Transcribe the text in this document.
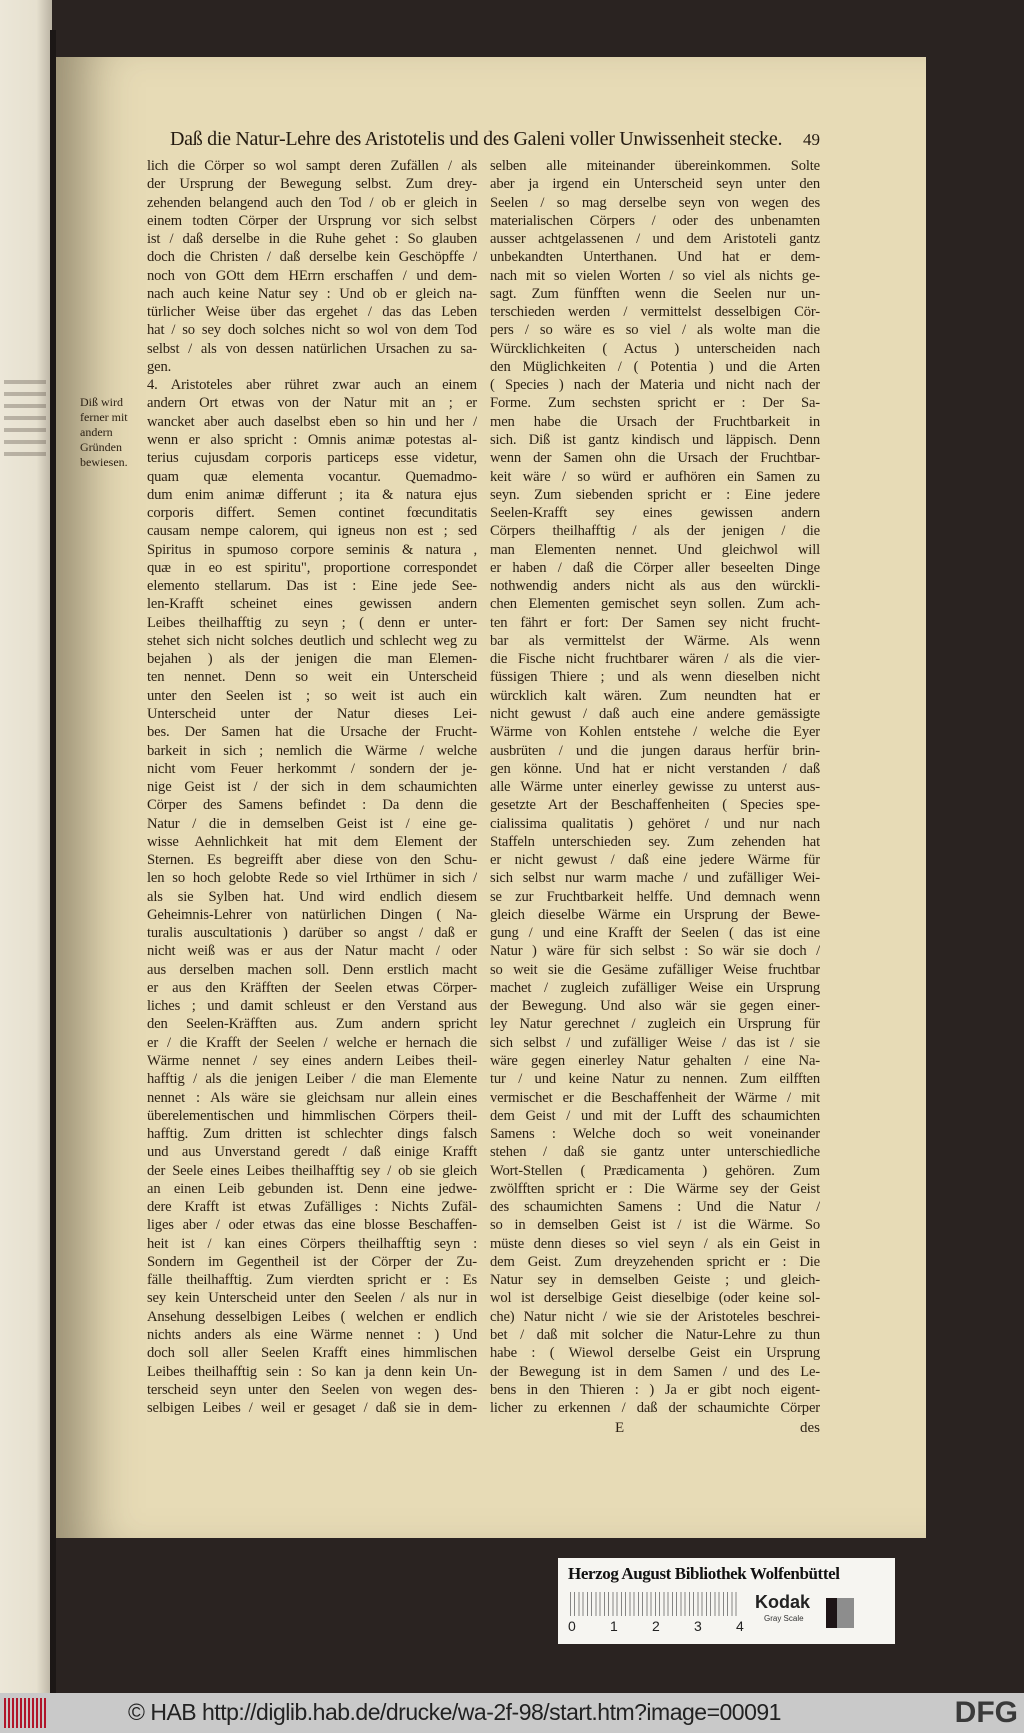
Daß die Natur-Lehre des Aristotelis und des Galeni voller Unwissenheit stecke. 49
Diß wird
ferner mit
andern
Gründen
bewiesen.
lich die Cörper so wol sampt deren Zufällen / als
der Ursprung der Bewegung selbst. Zum drey-
zehenden belangend auch den Tod / ob er gleich in
einem todten Cörper der Ursprung vor sich selbst
ist / daß derselbe in die Ruhe gehet : So glauben
doch die Christen / daß derselbe kein Geschöpffe /
noch von GOtt dem HErrn erschaffen / und dem-
nach auch keine Natur sey : Und ob er gleich na-
türlicher Weise über das ergehet / das das Leben
hat / so sey doch solches nicht so wol von dem Tod
selbst / als von dessen natürlichen Ursachen zu sa-
gen.
4. Aristoteles aber rühret zwar auch an einem
andern Ort etwas von der Natur mit an ; er
wancket aber auch daselbst eben so hin und her /
wenn er also spricht : Omnis animæ potestas al-
terius cujusdam corporis particeps esse videtur,
quam quæ elementa vocantur. Quemadmo-
dum enim animæ differunt ; ita & natura ejus
corporis differt. Semen continet fœcunditatis
causam nempe calorem, qui igneus non est ; sed
Spiritus in spumoso corpore seminis & natura ,
quæ in eo est spiritu", proportione correspondet
elemento stellarum. Das ist : Eine jede See-
len-Krafft scheinet eines gewissen andern
Leibes theilhafftig zu seyn ; ( denn er unter-
stehet sich nicht solches deutlich und schlecht weg zu
bejahen ) als der jenigen die man Elemen-
ten nennet. Denn so weit ein Unterscheid
unter den Seelen ist ; so weit ist auch ein
Unterscheid unter der Natur dieses Lei-
bes. Der Samen hat die Ursache der Frucht-
barkeit in sich ; nemlich die Wärme / welche
nicht vom Feuer herkommt / sondern der je-
nige Geist ist / der sich in dem schaumichten
Cörper des Samens befindet : Da denn die
Natur / die in demselben Geist ist / eine ge-
wisse Aehnlichkeit hat mit dem Element der
Sternen. Es begreifft aber diese von den Schu-
len so hoch gelobte Rede so viel Irthümer in sich /
als sie Sylben hat. Und wird endlich diesem
Geheimnis-Lehrer von natürlichen Dingen ( Na-
turalis auscultationis ) darüber so angst / daß er
nicht weiß was er aus der Natur macht / oder
aus derselben machen soll. Denn erstlich macht
er aus den Kräfften der Seelen etwas Cörper-
liches ; und damit schleust er den Verstand aus
den Seelen-Kräfften aus. Zum andern spricht
er / die Krafft der Seelen / welche er hernach die
Wärme nennet / sey eines andern Leibes theil-
hafftig / als die jenigen Leiber / die man Elemente
nennet : Als wäre sie gleichsam nur allein eines
überelementischen und himmlischen Cörpers theil-
hafftig. Zum dritten ist schlechter dings falsch
und aus Unverstand geredt / daß einige Krafft
der Seele eines Leibes theilhafftig sey / ob sie gleich
an einen Leib gebunden ist. Denn eine jedwe-
dere Krafft ist etwas Zufälliges : Nichts Zufäl-
liges aber / oder etwas das eine blosse Beschaffen-
heit ist / kan eines Cörpers theilhafftig seyn :
Sondern im Gegentheil ist der Cörper der Zu-
fälle theilhafftig. Zum vierdten spricht er : Es
sey kein Unterscheid unter den Seelen / als nur in
Ansehung desselbigen Leibes ( welchen er endlich
nichts anders als eine Wärme nennet : ) Und
doch soll aller Seelen Krafft eines himmlischen
Leibes theilhafftig sein : So kan ja denn kein Un-
terscheid seyn unter den Seelen von wegen des-
selbigen Leibes / weil er gesaget / daß sie in dem-
selben alle miteinander übereinkommen. Solte
aber ja irgend ein Unterscheid seyn unter den
Seelen / so mag derselbe seyn von wegen des
materialischen Cörpers / oder des unbenamten
ausser achtgelassenen / und dem Aristoteli gantz
unbekandten Unterthanen. Und hat er dem-
nach mit so vielen Worten / so viel als nichts ge-
sagt. Zum fünfften wenn die Seelen nur un-
terschieden werden / vermittelst desselbigen Cör-
pers / so wäre es so viel / als wolte man die
Würcklichkeiten ( Actus ) unterscheiden nach
den Müglichkeiten / ( Potentia ) und die Arten
( Species ) nach der Materia und nicht nach der
Forme. Zum sechsten spricht er : Der Sa-
men habe die Ursach der Fruchtbarkeit in
sich. Diß ist gantz kindisch und läppisch. Denn
wenn der Samen ohn die Ursach der Fruchtbar-
keit wäre / so würd er aufhören ein Samen zu
seyn. Zum siebenden spricht er : Eine jedere
Seelen-Krafft sey eines gewissen andern
Cörpers theilhafftig / als der jenigen / die
man Elementen nennet. Und gleichwol will
er haben / daß die Cörper aller beseelten Dinge
nothwendig anders nicht als aus den würckli-
chen Elementen gemischet seyn sollen. Zum ach-
ten fährt er fort: Der Samen sey nicht frucht-
bar als vermittelst der Wärme. Als wenn
die Fische nicht fruchtbarer wären / als die vier-
füssigen Thiere ; und als wenn dieselben nicht
würcklich kalt wären. Zum neundten hat er
nicht gewust / daß auch eine andere gemässigte
Wärme von Kohlen entstehe / welche die Eyer
ausbrüten / und die jungen daraus herfür brin-
gen könne. Und hat er nicht verstanden / daß
alle Wärme unter einerley gewisse zu unterst aus-
gesetzte Art der Beschaffenheiten ( Species spe-
cialissima qualitatis ) gehöret / und nur nach
Staffeln unterschieden sey. Zum zehenden hat
er nicht gewust / daß eine jedere Wärme für
sich selbst nur warm mache / und zufälliger Wei-
se zur Fruchtbarkeit helffe. Und demnach wenn
gleich dieselbe Wärme ein Ursprung der Bewe-
gung / und eine Krafft der Seelen ( das ist eine
Natur ) wäre für sich selbst : So wär sie doch /
so weit sie die Gesäme zufälliger Weise fruchtbar
machet / zugleich zufälliger Weise ein Ursprung
der Bewegung. Und also wär sie gegen einer-
ley Natur gerechnet / zugleich ein Ursprung für
sich selbst / und zufälliger Weise / das ist / sie
wäre gegen einerley Natur gehalten / eine Na-
tur / und keine Natur zu nennen. Zum eilfften
vermischet er die Beschaffenheit der Wärme / mit
dem Geist / und mit der Lufft des schaumichten
Samens : Welche doch so weit voneinander
stehen / daß sie gantz unter unterschiedliche
Wort-Stellen ( Prædicamenta ) gehören. Zum
zwölfften spricht er : Die Wärme sey der Geist
des schaumichten Samens : Und die Natur /
so in demselben Geist ist / ist die Wärme. So
müste denn dieses so viel seyn / als ein Geist in
dem Geist. Zum dreyzehenden spricht er : Die
Natur sey in demselben Geiste ; und gleich-
wol ist derselbige Geist dieselbige (oder keine sol-
che) Natur nicht / wie sie der Aristoteles beschrei-
bet / daß mit solcher die Natur-Lehre zu thun
habe : ( Wiewol derselbe Geist ein Ursprung
der Bewegung ist in dem Samen / und des Le-
bens in den Thieren : ) Ja er gibt noch eigent-
licher zu erkennen / daß der schaumichte Cörper
E	des
Herzog August Bibliothek Wolfenbüttel
0 1 2 3 4
Kodak
Gray Scale
© HAB http://diglib.hab.de/drucke/wa-2f-98/start.htm?image=00091	DFG
